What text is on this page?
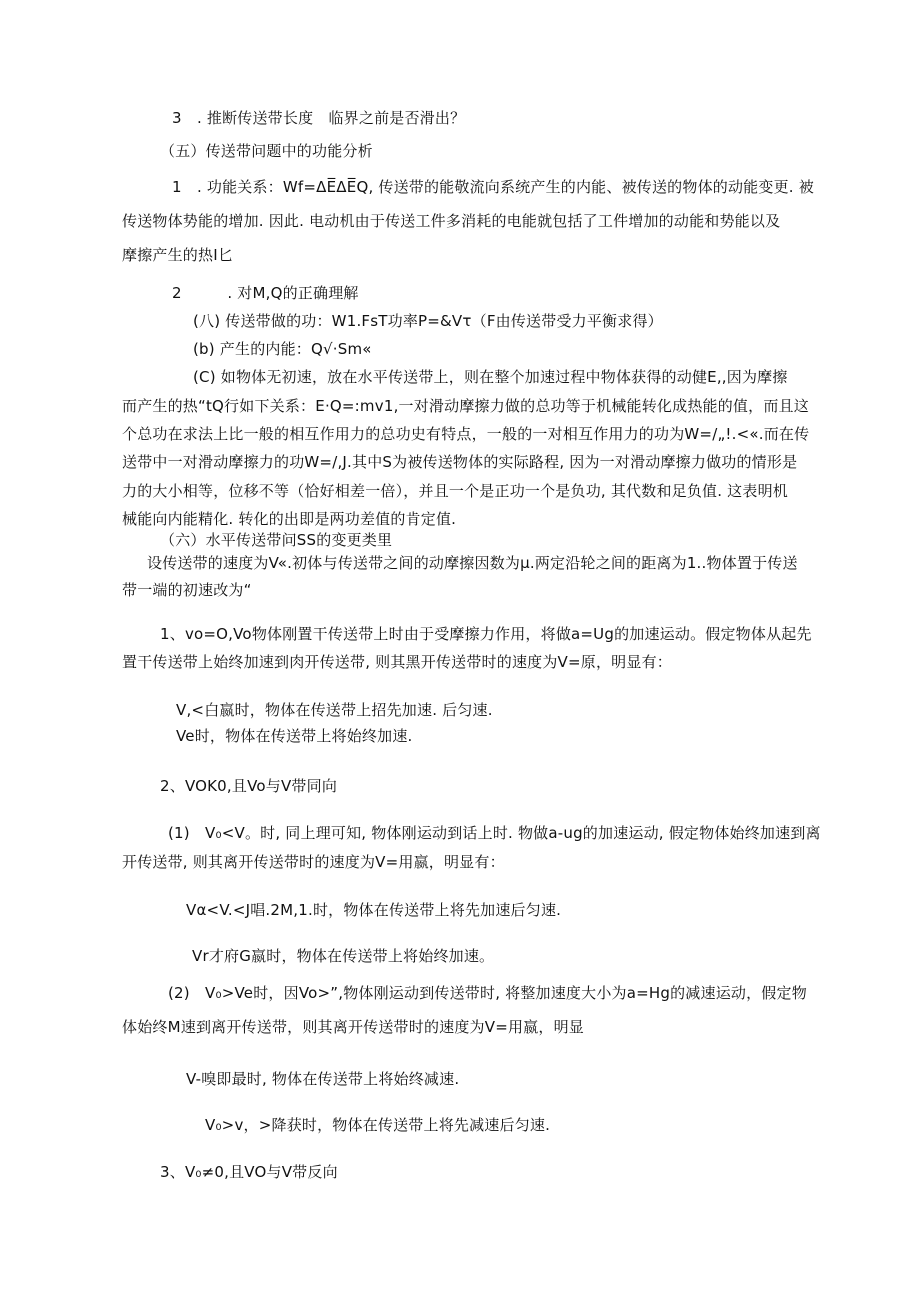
3　. 推断传送带长度　临界之前是否滑出？
（五）传送带问题中的功能分析
1　. 功能关系：Wf=ΔE̅ΔE̅Q, 传送带的能敬流向系统产生的内能、被传送的物体的动能变更. 被
传送物体势能的增加. 因此. 电动机由于传送工件多消耗的电能就包括了工件增加的动能和势能以及
摩擦产生的热I匕
2　　　. 对M,Q的正确理解
(八) 传送带做的功：W1.FsT功率P=&Vτ（F由传送带受力平衡求得）
(b) 产生的内能：Q√·Sm«
(C) 如物体无初速，放在水平传送带上，则在整个加速过程中物体获得的动健E,,因为摩擦
而产生的热“tQ行如下关系：E·Q=:mv1,一对滑动摩擦力做的总功等于机械能转化成热能的值，而且这
个总功在求法上比一般的相互作用力的总功史有特点，一般的一对相互作用力的功为W=/„!.<«.而在传
送带中一对滑动摩擦力的功W=/,J.其中S为被传送物体的实际路程, 因为一对滑动摩擦力做功的情形是
力的大小相等，位移不等（恰好相差一倍），并且一个是正功一个是负功, 其代数和足负值. 这表明机
械能向内能精化. 转化的出即是两功差值的肯定值.
（六）水平传送带问SS的变更类里
设传送带的速度为V«.初体与传送带之间的动摩擦因数为μ.两定沿轮之间的距离为1..物体置于传送
带一端的初速改为“
1、vo=O,Vo物体刚置干传送带上时由于受摩擦力作用，将做a=Ug的加速运动。假定物体从起先
置干传送带上始终加速到肉开传送带, 则其黑开传送带时的速度为V=原，明显有：
V,<白嬴时，物体在传送带上招先加速. 后匀速.
Ve时，物体在传送带上将始终加速.
2、VOK0,且Vo与V带同向
(1)　V₀<V。时, 同上理可知, 物体刚运动到话上时. 物做a-ug的加速运动, 假定物体始终加速到离
开传送带, 则其离开传送带时的速度为V=用嬴，明显有：
Vα<V.<J唱.2M,1.时，物体在传送带上将先加速后匀速.
Vr才府G嬴时，物体在传送带上将始终加速。
(2)　V₀>Ve时，因Vo>”,物体刚运动到传送带时, 将整加速度大小为a=Hg的减速运动，假定物
体始终M速到离开传送带，则其离开传送带时的速度为V=用嬴，明显
V-嗅即最时, 物体在传送带上将始终减速.
V₀>v，>降获时，物体在传送带上将先减速后匀速.
3、V₀≠0,且VO与V带反向
